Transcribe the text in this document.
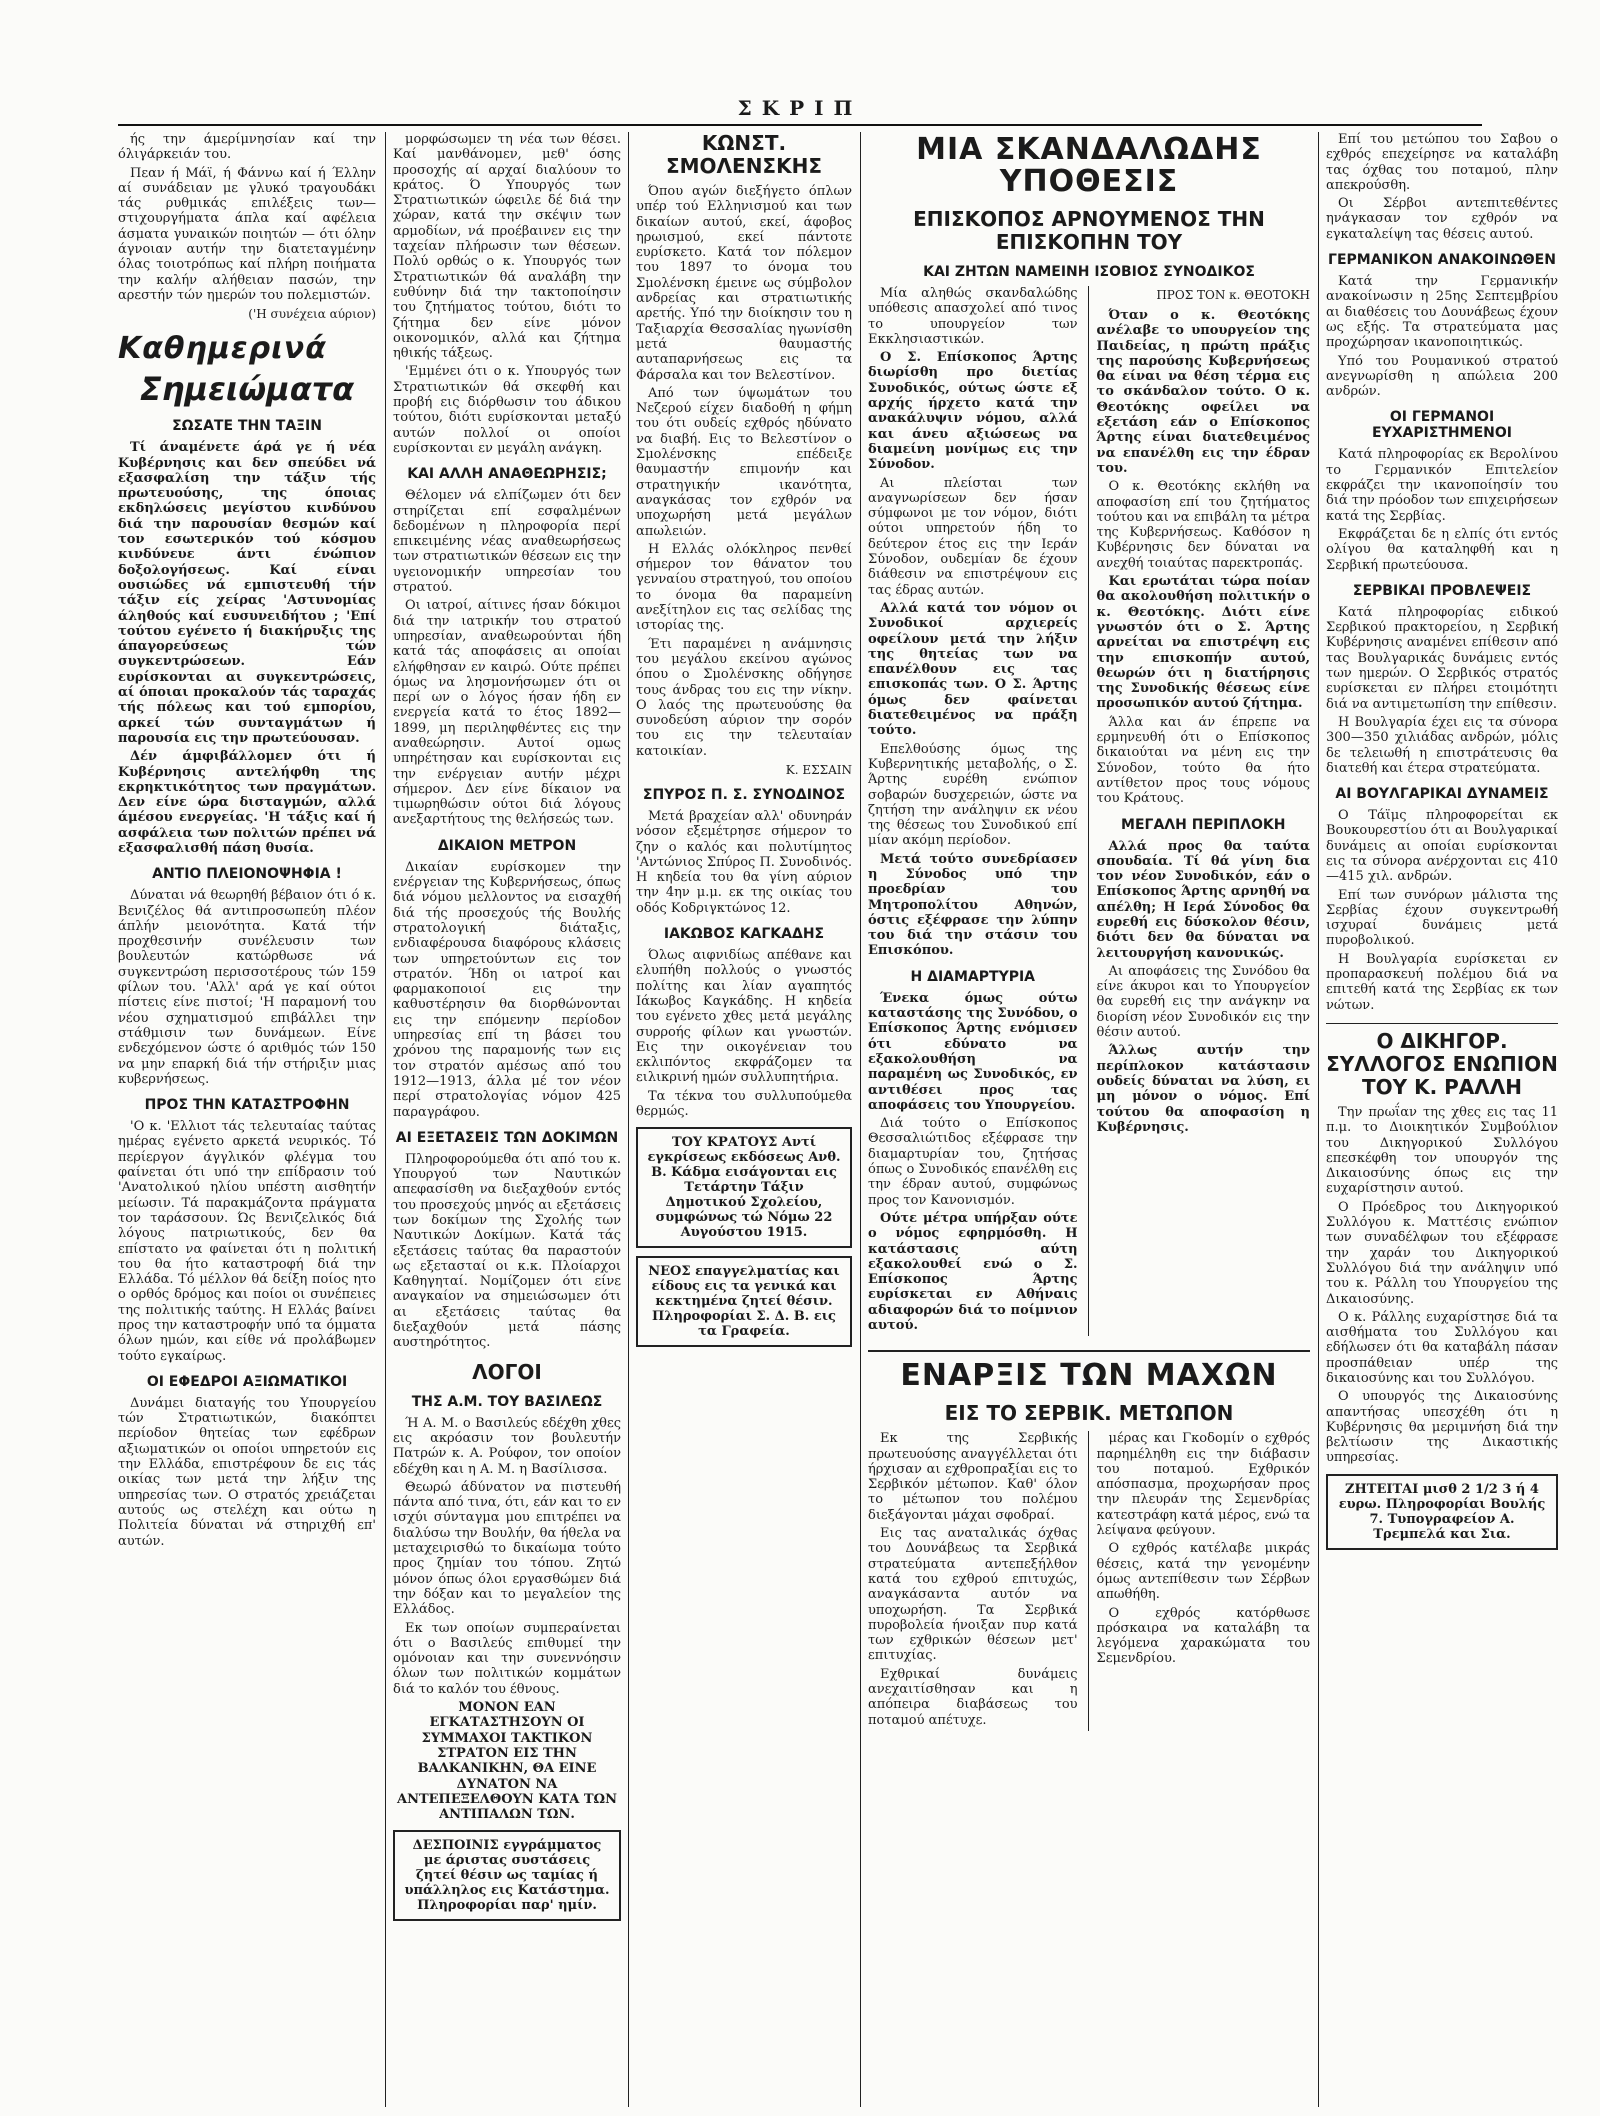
ΣΚΡΙΠ

ής την άμερίμνησίαν καί την όλιγάρκειάν του.

Πεαν ή Μάϊ, ή Φάννω καί ή Έλλην αί συνάδειαν με γλυκό τραγουδάκι τάς ρυθμικάς επιλέξεις των—στιχουργήματα άπλα καί αφέλεια άσματα γυναικών ποιητών — ότι όλην άγνοιαν αυτήν την διατεταγμένην όλας τοιοτρόπως καί πλήρη ποιήματα την καλήν αλήθειαν πασών, την αρεστήν τών ημερών του πολεμιστών.

('Η συνέχεια αύριον)
Καθημερινά
Σημειώματα
ΣΩΣΑΤΕ ΤΗΝ ΤΑΞΙΝ

Τί άναμένετε άρά γε ή νέα Κυβέρνησις και δεν σπεύδει νά εξασφαλίση την τάξιν τής πρωτευούσης, της όποιας εκδηλώσεις μεγίστου κινδύνου διά την παρουσίαν θεσμών καί τον εσωτερικόν τού κόσμου κινδύνευε άντι ένώπιον δοξολογήσεως. Καί είναι ουσιώδες νά εμπιστευθή τήν τάξιν είς χείρας 'Αστυνομίας άληθούς καί ευσυνειδήτου ; 'Επί τούτου εγένετο ή διακήρυξις της άπαγορεύσεως τών συγκεντρώσεων. Εάν ευρίσκονται αι συγκεντρώσεις, αί όποιαι προκαλούν τάς ταραχάς τής πόλεως και τού εμπορίου, αρκεί τών συνταγμάτων ή παρουσία εις την πρωτεύουσαν.

Δέν άμφιβάλλομεν ότι ή Κυβέρνησις αντελήφθη της εκρηκτικότητος των πραγμάτων. Δεν είνε ώρα δισταγμών, αλλά άμέσου ενεργείας. 'Η τάξις καί ή ασφάλεια των πολιτών πρέπει νά εξασφαλισθή πάση θυσία.

ΑΝΤΙΟ ΠΛΕΙΟΝΟΨΗΦΙΑ !

Δύναται νά θεωρηθή βέβαιον ότι ό κ. Βενιζέλος θά αντιπροσωπεύη πλέον άπλήν μειονότητα. Κατά τήν προχθεσινήν συνέλευσιν των βουλευτών κατώρθωσε νά συγκεντρώση περισσοτέρους τών 159 φίλων του. 'Αλλ' αρά γε καί ούτοι πίστεις είνε πιστοί; 'Η παραμονή του νέου σχηματισμού επιβάλλει την στάθμισιν των δυνάμεων. Είνε ενδεχόμενον ώστε ό αριθμός τών 150 να μην επαρκή διά τήν στήριξιν μιας κυβερνήσεως.

ΠΡΟΣ ΤΗΝ ΚΑΤΑΣΤΡΟΦΗΝ

'Ο κ. 'Ελλιοτ τάς τελευταίας ταύτας ημέρας εγένετο αρκετά νευρικός. Τό περίεργον άγγλικόν φλέγμα του φαίνεται ότι υπό την επίδρασιν τού 'Ανατολικού ηλίου υπέστη αισθητήν μείωσιν. Τά παρακμάζοντα πράγματα τον ταράσσουν. Ώς Βενιζελικός διά λόγους πατριωτικούς, δεν θα επίστατο να φαίνεται ότι η πολιτική του θα ήτο καταστροφή διά την Ελλάδα. Τό μέλλον θά δείξη ποίος ητο ο ορθός δρόμος και ποίοι οι συνέπειες της πολιτικής ταύτης. Η Ελλάς βαίνει προς την καταστροφήν υπό τα όμματα όλων ημών, και είθε νά προλάβωμεν τούτο εγκαίρως.

ΟΙ ΕΦΕΔΡΟΙ ΑΞΙΩΜΑΤΙΚΟΙ

Δυνάμει διαταγής του Υπουργείου τών Στρατιωτικών, διακόπτει περίοδον θητείας των εφέδρων αξιωματικών οι οποίοι υπηρετούν εις την Ελλάδα, επιστρέφουν δε εις τάς οικίας των μετά την λήξιν της υπηρεσίας των. Ο στρατός χρειάζεται αυτούς ως στελέχη και ούτω η Πολιτεία δύναται νά στηριχθή επ' αυτών.

μορφώσωμεν τη νέα των θέσει. Καί μανθάνομεν, μεθ' όσης προσοχής αί αρχαί διαλύουν το κράτος. Ό Υπουργός των Στρατιωτικών ώφειλε δέ διά την χώραν, κατά την σκέψιν των αρμοδίων, νά προέβαινεν εις την ταχείαν πλήρωσιν των θέσεων. Πολύ ορθώς ο κ. Υπουργός των Στρατιωτικών θά αναλάβη την ευθύνην διά την τακτοποίησιν του ζητήματος τούτου, διότι το ζήτημα δεν είνε μόνον οικονομικόν, αλλά και ζήτημα ηθικής τάξεως.

'Εμμένει ότι ο κ. Υπουργός των Στρατιωτικών θά σκεφθή και προβή εις διόρθωσιν του άδικου τούτου, διότι ευρίσκονται μεταξύ αυτών πολλοί οι οποίοι ευρίσκονται εν μεγάλη ανάγκη.

ΚΑΙ ΑΛΛΗ ΑΝΑΘΕΩΡΗΣΙΣ;

Θέλομεν νά ελπίζωμεν ότι δεν στηρίζεται επί εσφαλμένων δεδομένων η πληροφορία περί επικειμένης νέας αναθεωρήσεως των στρατιωτικών θέσεων εις την υγειονομικήν υπηρεσίαν του στρατού.

Οι ιατροί, αίτινες ήσαν δόκιμοι διά την ιατρικήν του στρατού υπηρεσίαν, αναθεωρούνται ήδη κατά τάς αποφάσεις αι οποίαι ελήφθησαν εν καιρώ. Ούτε πρέπει όμως να λησμονήσωμεν ότι οι περί ων ο λόγος ήσαν ήδη εν ενεργεία κατά το έτος 1892—1899, μη περιληφθέντες εις την αναθεώρησιν. Αυτοί ομως υπηρέτησαν και ευρίσκονται εις την ενέργειαν αυτήν μέχρι σήμερον. Δεν είνε δίκαιον να τιμωρηθώσιν ούτοι διά λόγους ανεξαρτήτους της θελήσεώς των.

ΔΙΚΑΙΟΝ ΜΕΤΡΟΝ

Δικαίαν ευρίσκομεν την ενέργειαν της Κυβερνήσεως, όπως διά νόμου μελλοντος να εισαχθή διά τής προσεχούς τής Βουλής στρατολογική διάταξις, ενδιαφέρουσα διαφόρους κλάσεις των υπηρετούντων εις τον στρατόν. Ήδη οι ιατροί και φαρμακοποιοί εις την καθυστέρησιν θα διορθώνονται εις την επόμενην περίοδον υπηρεσίας επί τη βάσει του χρόνου της παραμονής των εις τον στρατόν αμέσως από του 1912—1913, άλλα μέ τον νέον περί στρατολογίας νόμον 425 παραγράφου.

ΑΙ ΕΞΕΤΑΣΕΙΣ ΤΩΝ ΔΟΚΙΜΩΝ

Πληροφορούμεθα ότι από του κ. Υπουργού των Ναυτικών απεφασίσθη να διεξαχθούν εντός του προσεχούς μηνός αι εξετάσεις των δοκίμων της Σχολής των Ναυτικών Δοκίμων. Κατά τάς εξετάσεις ταύτας θα παραστούν ως εξετασταί οι κ.κ. Πλοίαρχοι Καθηγηταί. Νομίζομεν ότι είνε αναγκαίον να σημειώσωμεν ότι αι εξετάσεις ταύτας θα διεξαχθούν μετά πάσης αυστηρότητος.

ΛΟΓΟΙ
ΤΗΣ Α.Μ. ΤΟΥ ΒΑΣΙΛΕΩΣ

Ή Α. Μ. ο Βασιλεύς εδέχθη χθες εις ακρόασιν τον βουλευτήν Πατρών κ. Α. Ρούφον, τον οποίον εδέχθη και η Α. Μ. η Βασίλισσα.

Θεωρώ άδύνατον να πιστευθή πάντα από τινα, ότι, εάν και το εν ισχύι σύνταγμα μου επιτρέπει να διαλύσω την Βουλήν, θα ήθελα να μεταχειρισθώ το δικαίωμα τούτο προς ζημίαν του τόπου. Ζητώ μόνον όπως όλοι εργασθώμεν διά την δόξαν και το μεγαλείον της Ελλάδος.

Εκ των οποίων συμπεραίνεται ότι ο Βασιλεύς επιθυμεί την ομόνοιαν και την συνεννόησιν όλων των πολιτικών κομμάτων διά το καλόν του έθνους.

ΜΟΝΟΝ ΕΑΝ ΕΓΚΑΤΑΣΤΗΣΟΥΝ ΟΙ ΣΥΜΜΑΧΟΙ ΤΑΚΤΙΚΟΝ ΣΤΡΑΤΟΝ ΕΙΣ ΤΗΝ ΒΑΛΚΑΝΙΚΗΝ, ΘΑ ΕΙΝΕ ΔΥΝΑΤΟΝ ΝΑ ΑΝΤΕΠΕΞΕΛΘΟΥΝ ΚΑΤΑ ΤΩΝ ΑΝΤΙΠΑΛΩΝ ΤΩΝ.

ΔΕΣΠΟΙΝΙΣ εγγράμματος με άριστας συστάσεις ζητεί θέσιν ως ταμίας ή υπάλληλος εις Κατάστημα.
Πληροφορίαι παρ' ημίν.
ΚΩΝΣΤ. ΣΜΟΛΕΝΣΚΗΣ

Όπου αγών διεξήγετο όπλων υπέρ τού Ελληνισμού και των δικαίων αυτού, εκεί, άφοβος ηρωισμού, εκεί πάντοτε ευρίσκετο. Κατά τον πόλεμον του 1897 το όνομα του Σμολένσκη έμεινε ως σύμβολον ανδρείας και στρατιωτικής αρετής. Υπό την διοίκησιν του η Ταξιαρχία Θεσσαλίας ηγωνίσθη μετά θαυμαστής αυταπαρνήσεως εις τα Φάρσαλα και τον Βελεστίνον.

Από των ύψωμάτων του Νεζερού είχεν διαδοθή η φήμη του ότι ουδείς εχθρός ηδύνατο να διαβή. Εις το Βελεστίνον ο Σμολένσκης επέδειξε θαυμαστήν επιμονήν και στρατηγικήν ικανότητα, αναγκάσας τον εχθρόν να υποχωρήση μετά μεγάλων απωλειών.

Η Ελλάς ολόκληρος πενθεί σήμερον τον θάνατον του γενναίου στρατηγού, του οποίου το όνομα θα παραμείνη ανεξίτηλον εις τας σελίδας της ιστορίας της.

Έτι παραμένει η ανάμνησις του μεγάλου εκείνου αγώνος όπου ο Σμολένσκης οδήγησε τους άνδρας του εις την νίκην. Ο λαός της πρωτευούσης θα συνοδεύση αύριον την σορόν του εις την τελευταίαν κατοικίαν.

Κ. ΕΣΣΑΙΝ
ΣΠΥΡΟΣ Π. Σ. ΣΥΝΟΔΙΝΟΣ

Μετά βραχείαν αλλ' οδυνηράν νόσον εξεμέτρησε σήμερον το ζην ο καλός και πολυτίμητος 'Αντώνιος Σπύρος Π. Συνοδινός. Η κηδεία του θα γίνη αύριον την 4ην μ.μ. εκ της οικίας του οδός Κοδριγκτώνος 12.

ΙΑΚΩΒΟΣ ΚΑΓΚΑΔΗΣ

Όλως αιφνιδίως απέθανε και ελυπήθη πολλούς ο γνωστός πολίτης και λίαν αγαπητός Ιάκωβος Καγκάδης. Η κηδεία του εγένετο χθες μετά μεγάλης συρροής φίλων και γνωστών. Εις την οικογένειαν του εκλιπόντος εκφράζομεν τα ειλικρινή ημών συλλυπητήρια.

Τα τέκνα του συλλυπούμεθα θερμώς.

ΤΟΥ ΚΡΑΤΟΥΣ Αντί εγκρίσεως εκδόσεως Ανθ. Β. Κάδμα εισάγονται εις Τετάρτην Τάξιν Δημοτικού Σχολείου, συμφώνως τώ Νόμω 22 Αυγούστου 1915.
ΝΕΟΣ επαγγελματίας και είδους εις τα γενικά και κεκτημένα ζητεί θέσιν. Πληροφορίαι Σ. Δ. Β. εις τα Γραφεία.
ΜΙΑ ΣΚΑΝΔΑΛΩΔΗΣ ΥΠΟΘΕΣΙΣ
ΕΠΙΣΚΟΠΟΣ ΑΡΝΟΥΜΕΝΟΣ ΤΗΝ ΕΠΙΣΚΟΠΗΝ ΤΟΥ
ΚΑΙ ΖΗΤΩΝ ΝΑΜΕΙΝΗ ΙΣΟΒΙΟΣ ΣΥΝΟΔΙΚΟΣ

Μία αληθώς σκανδαλώδης υπόθεσις απασχολεί από τινος το υπουργείον των Εκκλησιαστικών.

Ο Σ. Επίσκοπος Άρτης διωρίσθη προ διετίας Συνοδικός, ούτως ώστε εξ αρχής ήρχετο κατά την ανακάλυψιν νόμου, αλλά και άνευ αξιώσεως να διαμείνη μονίμως εις την Σύνοδον.

Αι πλείσται των αναγνωρίσεων δεν ήσαν σύμφωνοι με τον νόμον, διότι ούτοι υπηρετούν ήδη το δεύτερον έτος εις την Ιεράν Σύνοδον, ουδεμίαν δε έχουν διάθεσιν να επιστρέψουν εις τας έδρας αυτών.

Αλλά κατά τον νόμον οι Συνοδικοί αρχιερείς οφείλουν μετά την λήξιν της θητείας των να επανέλθουν εις τας επισκοπάς των. Ο Σ. Άρτης όμως δεν φαίνεται διατεθειμένος να πράξη τούτο.

Επελθούσης όμως της Κυβερνητικής μεταβολής, ο Σ. Άρτης ευρέθη ενώπιον σοβαρών δυσχερειών, ώστε να ζητήση την ανάληψιν εκ νέου της θέσεως του Συνοδικού επί μίαν ακόμη περίοδον.

Μετά τούτο συνεδρίασεν η Σύνοδος υπό την προεδρίαν του Μητροπολίτου Αθηνών, όστις εξέφρασε την λύπην του διά την στάσιν του Επισκόπου.

Η ΔΙΑΜΑΡΤΥΡΙΑ

Ένεκα όμως ούτω καταστάσης της Συνόδου, ο Επίσκοπος Άρτης ενόμισεν ότι εδύνατο να εξακολουθήση να παραμένη ως Συνοδικός, εν αντιθέσει προς τας αποφάσεις του Υπουργείου.

Διά τούτο ο Επίσκοπος Θεσσαλιώτιδος εξέφρασε την διαμαρτυρίαν του, ζητήσας όπως ο Συνοδικός επανέλθη εις την έδραν αυτού, συμφώνως προς τον Κανονισμόν.

Ούτε μέτρα υπήρξαν ούτε ο νόμος εφηρμόσθη. Η κατάστασις αύτη εξακολουθεί ενώ ο Σ. Επίσκοπος Άρτης ευρίσκεται εν Αθήναις αδιαφορών διά το ποίμνιον αυτού.

ΠΡΟΣ ΤΟΝ κ. ΘΕΟΤΟΚΗ

Όταν ο κ. Θεοτόκης ανέλαβε το υπουργείον της Παιδείας, η πρώτη πράξις της παρούσης Κυβερνήσεως θα είναι να θέση τέρμα εις το σκάνδαλον τούτο. Ο κ. Θεοτόκης οφείλει να εξετάση εάν ο Επίσκοπος Άρτης είναι διατεθειμένος να επανέλθη εις την έδραν του.

Ο κ. Θεοτόκης εκλήθη να αποφασίση επί του ζητήματος τούτου και να επιβάλη τα μέτρα της Κυβερνήσεως. Καθόσον η Κυβέρνησις δεν δύναται να ανεχθή τοιαύτας παρεκτροπάς.

Και ερωτάται τώρα ποίαν θα ακολουθήση πολιτικήν ο κ. Θεοτόκης. Διότι είνε γνωστόν ότι ο Σ. Άρτης αρνείται να επιστρέψη εις την επισκοπήν αυτού, θεωρών ότι η διατήρησις της Συνοδικής θέσεως είνε προσωπικόν αυτού ζήτημα.

Άλλα και άν έπρεπε να ερμηνευθή ότι ο Επίσκοπος δικαιούται να μένη εις την Σύνοδον, τούτο θα ήτο αντίθετον προς τους νόμους του Κράτους.

ΜΕΓΑΛΗ ΠΕΡΙΠΛΟΚΗ

Αλλά προς θα ταύτα σπουδαία. Τί θά γίνη δια τον νέον Συνοδικόν, εάν ο Επίσκοπος Άρτης αρνηθή να απέλθη; Η Ιερά Σύνοδος θα ευρεθή εις δύσκολον θέσιν, διότι δεν θα δύναται να λειτουργήση κανονικώς.

Αι αποφάσεις της Συνόδου θα είνε άκυροι και το Υπουργείον θα ευρεθή εις την ανάγκην να διορίση νέον Συνοδικόν εις την θέσιν αυτού.

Άλλως αυτήν την περίπλοκον κατάστασιν ουδείς δύναται να λύση, ει μη μόνον ο νόμος. Επί τούτου θα αποφασίση η Κυβέρνησις.

ΕΝΑΡΞΙΣ ΤΩΝ ΜΑΧΩΝ
ΕΙΣ ΤΟ ΣΕΡΒΙΚ. ΜΕΤΩΠΟΝ

Εκ της Σερβικής πρωτευούσης αναγγέλλεται ότι ήρχισαν αι εχθροπραξίαι εις το Σερβικόν μέτωπον. Καθ' όλον το μέτωπον του πολέμου διεξάγονται μάχαι σφοδραί.

Εις τας αναταλικάς όχθας του Δουνάβεως τα Σερβικά στρατεύματα αντεπεξήλθον κατά του εχθρού επιτυχώς, αναγκάσαντα αυτόν να υποχωρήση. Τα Σερβικά πυροβολεία ήνοιξαν πυρ κατά των εχθρικών θέσεων μετ' επιτυχίας.

Εχθρικαί δυνάμεις ανεχαιτίσθησαν και η απόπειρα διαβάσεως του ποταμού απέτυχε.

μέρας και Γκοδομίν ο εχθρός παρημέληθη εις την διάβασιν του ποταμού. Εχθρικόν απόσπασμα, προχωρήσαν προς την πλευράν της Σεμενδρίας κατεστράφη κατά μέρος, ενώ τα λείψανα φεύγουν.

Ο εχθρός κατέλαβε μικράς θέσεις, κατά την γενομένην όμως αντεπίθεσιν των Σέρβων απωθήθη.

Ο εχθρός κατόρθωσε πρόσκαιρα να καταλάβη τα λεγόμενα χαρακώματα του Σεμενδρίου.

Επί του μετώπου του Σαβου ο εχθρός επεχείρησε να καταλάβη τας όχθας του ποταμού, πλην απεκρούσθη.

Οι Σέρβοι αντεπιτεθέντες ηνάγκασαν τον εχθρόν να εγκαταλείψη τας θέσεις αυτού.

ΓΕΡΜΑΝΙΚΟΝ ΑΝΑΚΟΙΝΩΘΕΝ

Κατά την Γερμανικήν ανακοίνωσιν η 25ης Σεπτεμβρίου αι διαθέσεις του Δουνάβεως έχουν ως εξής. Τα στρατεύματα μας προχώρησαν ικανοποιητικώς.

Υπό του Ρουμανικού στρατού ανεγνωρίσθη η απώλεια 200 ανδρών.

ΟΙ ΓΕΡΜΑΝΟΙ ΕΥΧΑΡΙΣΤΗΜΕΝΟΙ

Κατά πληροφορίας εκ Βερολίνου το Γερμανικόν Επιτελείον εκφράζει την ικανοποίησίν του διά την πρόοδον των επιχειρήσεων κατά της Σερβίας.

Εκφράζεται δε η ελπίς ότι εντός ολίγου θα καταληφθή και η Σερβική πρωτεύουσα.

ΣΕΡΒΙΚΑΙ ΠΡΟΒΛΕΨΕΙΣ

Κατά πληροφορίας ειδικού Σερβικού πρακτορείου, η Σερβική Κυβέρνησις αναμένει επίθεσιν από τας Βουλγαρικάς δυνάμεις εντός των ημερών. Ο Σερβικός στρατός ευρίσκεται εν πλήρει ετοιμότητι διά να αντιμετωπίση την επίθεσιν.

Η Βουλγαρία έχει εις τα σύνορα 300—350 χιλιάδας ανδρών, μόλις δε τελειωθή η επιστράτευσις θα διατεθή και έτερα στρατεύματα.

ΑΙ ΒΟΥΛΓΑΡΙΚΑΙ ΔΥΝΑΜΕΙΣ

Ο Τάϊμς πληροφορείται εκ Βουκουρεστίου ότι αι Βουλγαρικαί δυνάμεις αι οποίαι ευρίσκονται εις τα σύνορα ανέρχονται εις 410—415 χιλ. ανδρών.

Επί των συνόρων μάλιστα της Σερβίας έχουν συγκεντρωθή ισχυραί δυνάμεις μετά πυροβολικού.

Η Βουλγαρία ευρίσκεται εν προπαρασκευή πολέμου διά να επιτεθή κατά της Σερβίας εκ των νώτων.

Ο ΔΙΚΗΓΟΡ. ΣΥΛΛΟΓΟΣ ΕΝΩΠΙΟΝ ΤΟΥ Κ. ΡΑΛΛΗ

Την πρωΐαν της χθες εις τας 11 π.μ. το Διοικητικόν Συμβούλιον του Δικηγορικού Συλλόγου επεσκέφθη τον υπουργόν της Δικαιοσύνης όπως εις την ευχαρίστησιν αυτού.

Ο Πρόεδρος του Δικηγορικού Συλλόγου κ. Ματτέσις ενώπιον των συναδέλφων του εξέφρασε την χαράν του Δικηγορικού Συλλόγου διά την ανάληψιν υπό του κ. Ράλλη του Υπουργείου της Δικαιοσύνης.

Ο κ. Ράλλης ευχαρίστησε διά τα αισθήματα του Συλλόγου και εδήλωσεν ότι θα καταβάλη πάσαν προσπάθειαν υπέρ της δικαιοσύνης και του Συλλόγου.

Ο υπουργός της Δικαιοσύνης απαντήσας υπεσχέθη ότι η Κυβέρνησις θα μεριμνήση διά την βελτίωσιν της Δικαστικής υπηρεσίας.

ΖΗΤΕΙΤΑΙ μισθ 2 1/2 3 ή 4 ευρω. Πληροφορίαι Βουλής 7. Τυπογραφείον Α. Τρεμπελά και Σια.
